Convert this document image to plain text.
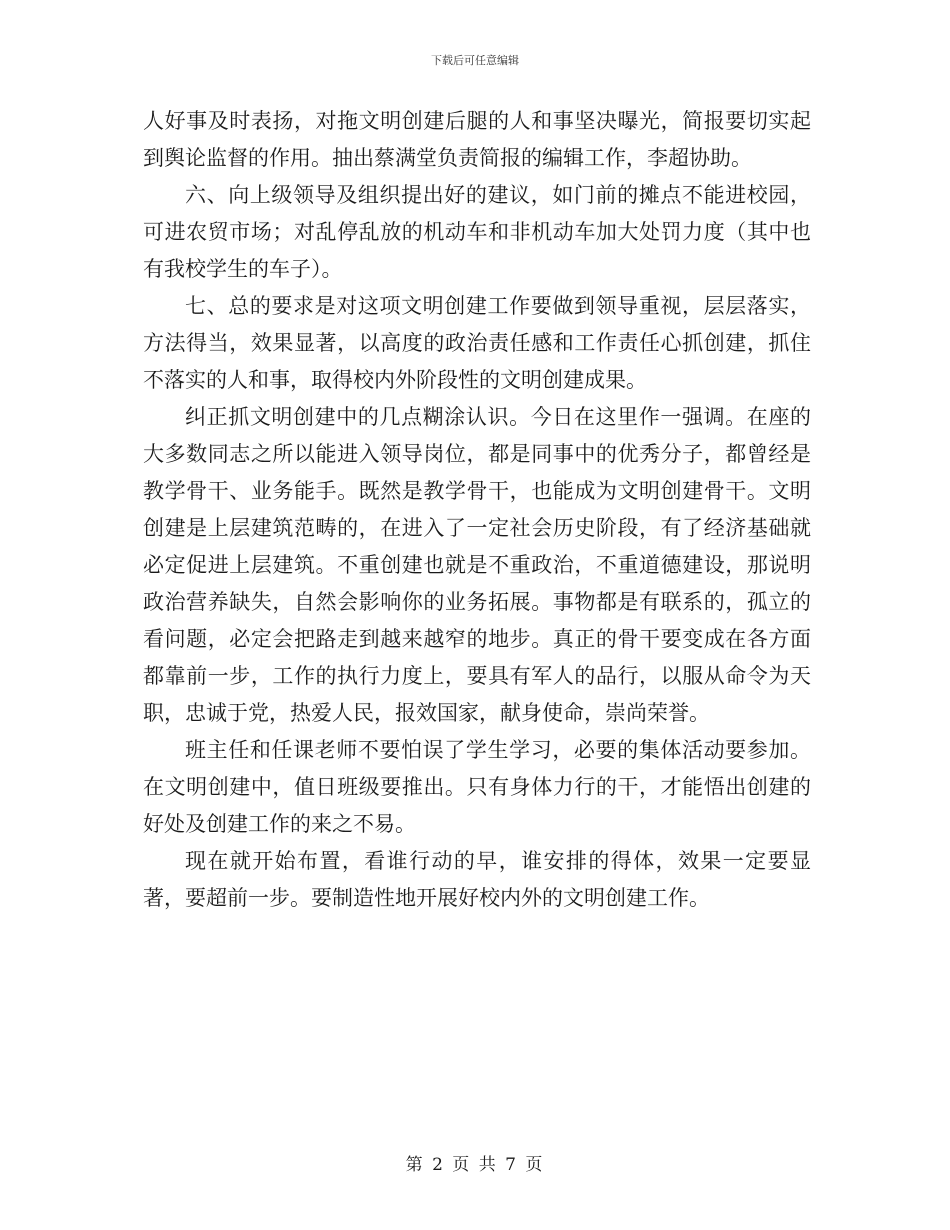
下载后可任意编辑

人好事及时表扬，对拖文明创建后腿的人和事坚决曝光，简报要切实起到舆论监督的作用。抽出蔡满堂负责简报的编辑工作，李超协助。

六、向上级领导及组织提出好的建议，如门前的摊点不能进校园，可进农贸市场；对乱停乱放的机动车和非机动车加大处罚力度（其中也有我校学生的车子）。

七、总的要求是对这项文明创建工作要做到领导重视，层层落实，方法得当，效果显著，以高度的政治责任感和工作责任心抓创建，抓住不落实的人和事，取得校内外阶段性的文明创建成果。

纠正抓文明创建中的几点糊涂认识。今日在这里作一强调。在座的大多数同志之所以能进入领导岗位，都是同事中的优秀分子，都曾经是教学骨干、业务能手。既然是教学骨干，也能成为文明创建骨干。文明创建是上层建筑范畴的，在进入了一定社会历史阶段，有了经济基础就必定促进上层建筑。不重创建也就是不重政治，不重道德建设，那说明政治营养缺失，自然会影响你的业务拓展。事物都是有联系的，孤立的看问题，必定会把路走到越来越窄的地步。真正的骨干要变成在各方面都靠前一步，工作的执行力度上，要具有军人的品行，以服从命令为天职，忠诚于党，热爱人民，报效国家，献身使命，崇尚荣誉。

班主任和任课老师不要怕误了学生学习，必要的集体活动要参加。在文明创建中，值日班级要推出。只有身体力行的干，才能悟出创建的好处及创建工作的来之不易。

现在就开始布置，看谁行动的早，谁安排的得体，效果一定要显著，要超前一步。要制造性地开展好校内外的文明创建工作。

第 2 页 共 7 页
